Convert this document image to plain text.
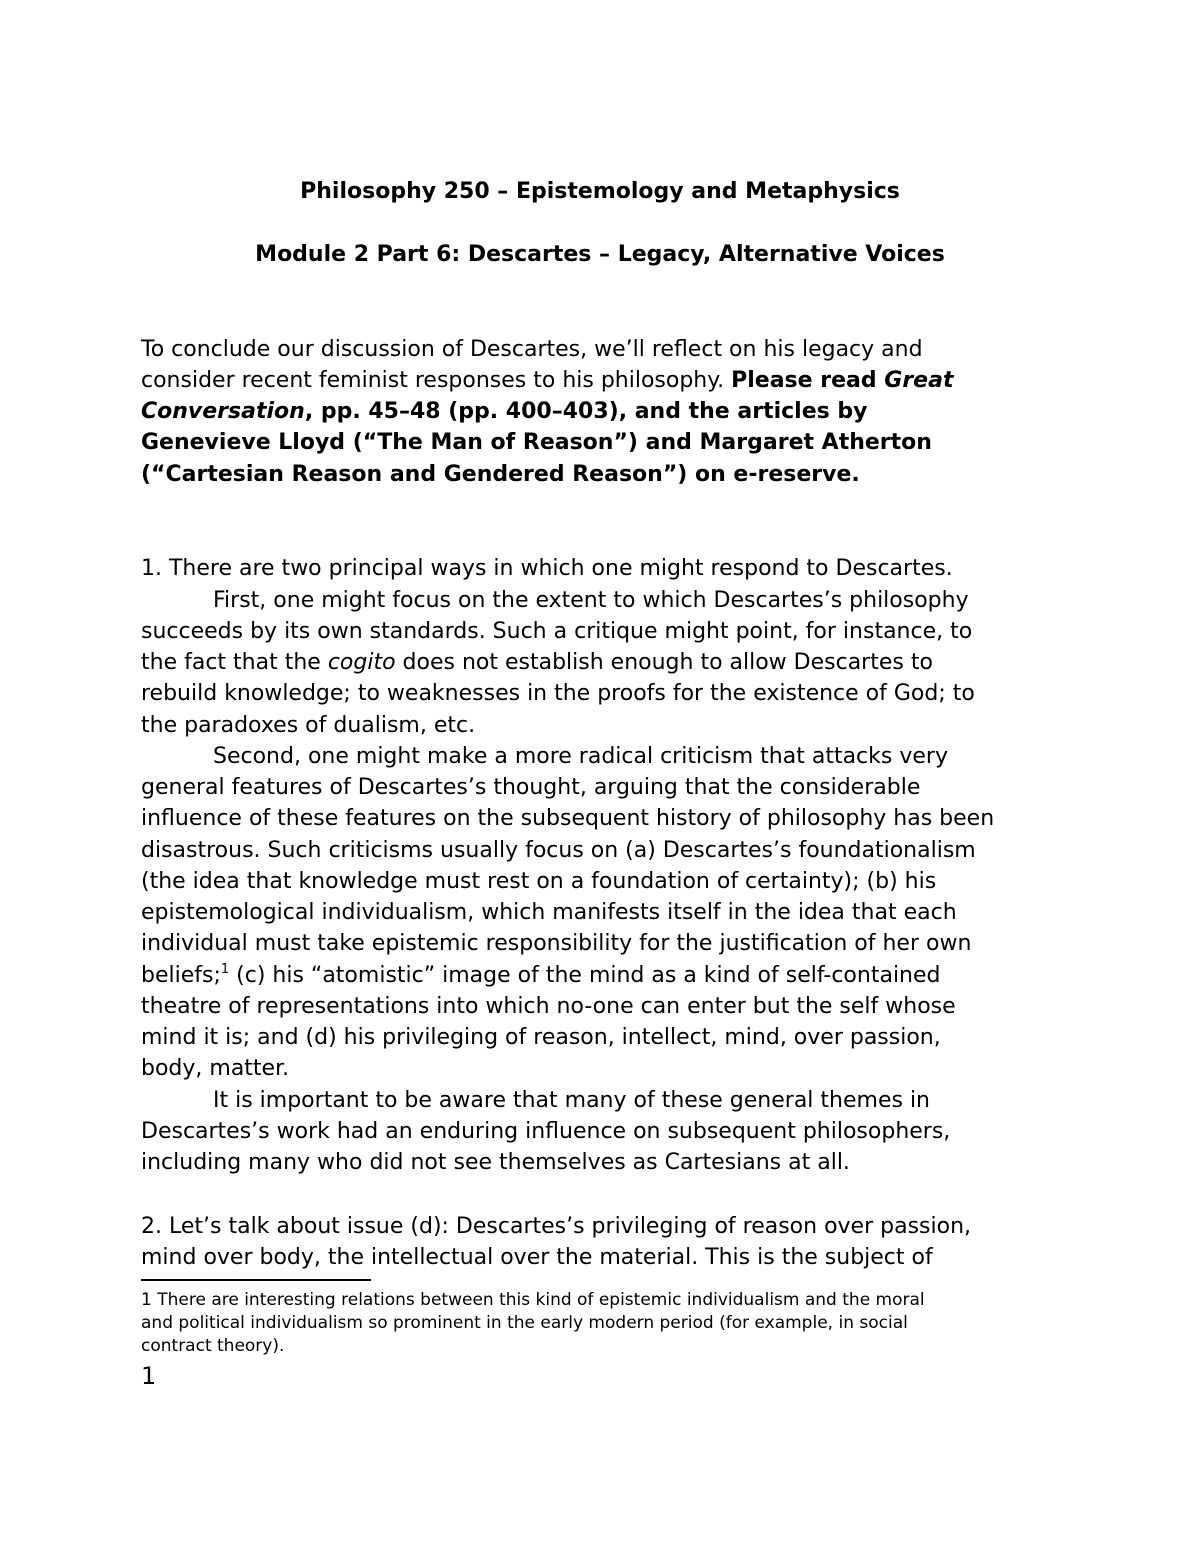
Philosophy 250 – Epistemology and Metaphysics
Module 2 Part 6: Descartes – Legacy, Alternative Voices
To conclude our discussion of Descartes, we’ll reflect on his legacy and
consider recent feminist responses to his philosophy. Please read Great
Conversation, pp. 45–48 (pp. 400–403), and the articles by
Genevieve Lloyd (“The Man of Reason”) and Margaret Atherton
(“Cartesian Reason and Gendered Reason”) on e-reserve.
1. There are two principal ways in which one might respond to Descartes.
First, one might focus on the extent to which Descartes’s philosophy
succeeds by its own standards. Such a critique might point, for instance, to
the fact that the cogito does not establish enough to allow Descartes to
rebuild knowledge; to weaknesses in the proofs for the existence of God; to
the paradoxes of dualism, etc.
Second, one might make a more radical criticism that attacks very
general features of Descartes’s thought, arguing that the considerable
influence of these features on the subsequent history of philosophy has been
disastrous. Such criticisms usually focus on (a) Descartes’s foundationalism
(the idea that knowledge must rest on a foundation of certainty); (b) his
epistemological individualism, which manifests itself in the idea that each
individual must take epistemic responsibility for the justification of her own
beliefs;$^1$ (c) his “atomistic” image of the mind as a kind of self-contained
theatre of representations into which no-one can enter but the self whose
mind it is; and (d) his privileging of reason, intellect, mind, over passion,
body, matter.
It is important to be aware that many of these general themes in
Descartes’s work had an enduring influence on subsequent philosophers,
including many who did not see themselves as Cartesians at all.
2. Let’s talk about issue (d): Descartes’s privileging of reason over passion,
mind over body, the intellectual over the material. This is the subject of
1 There are interesting relations between this kind of epistemic individualism and the moral
and political individualism so prominent in the early modern period (for example, in social
contract theory).
1
